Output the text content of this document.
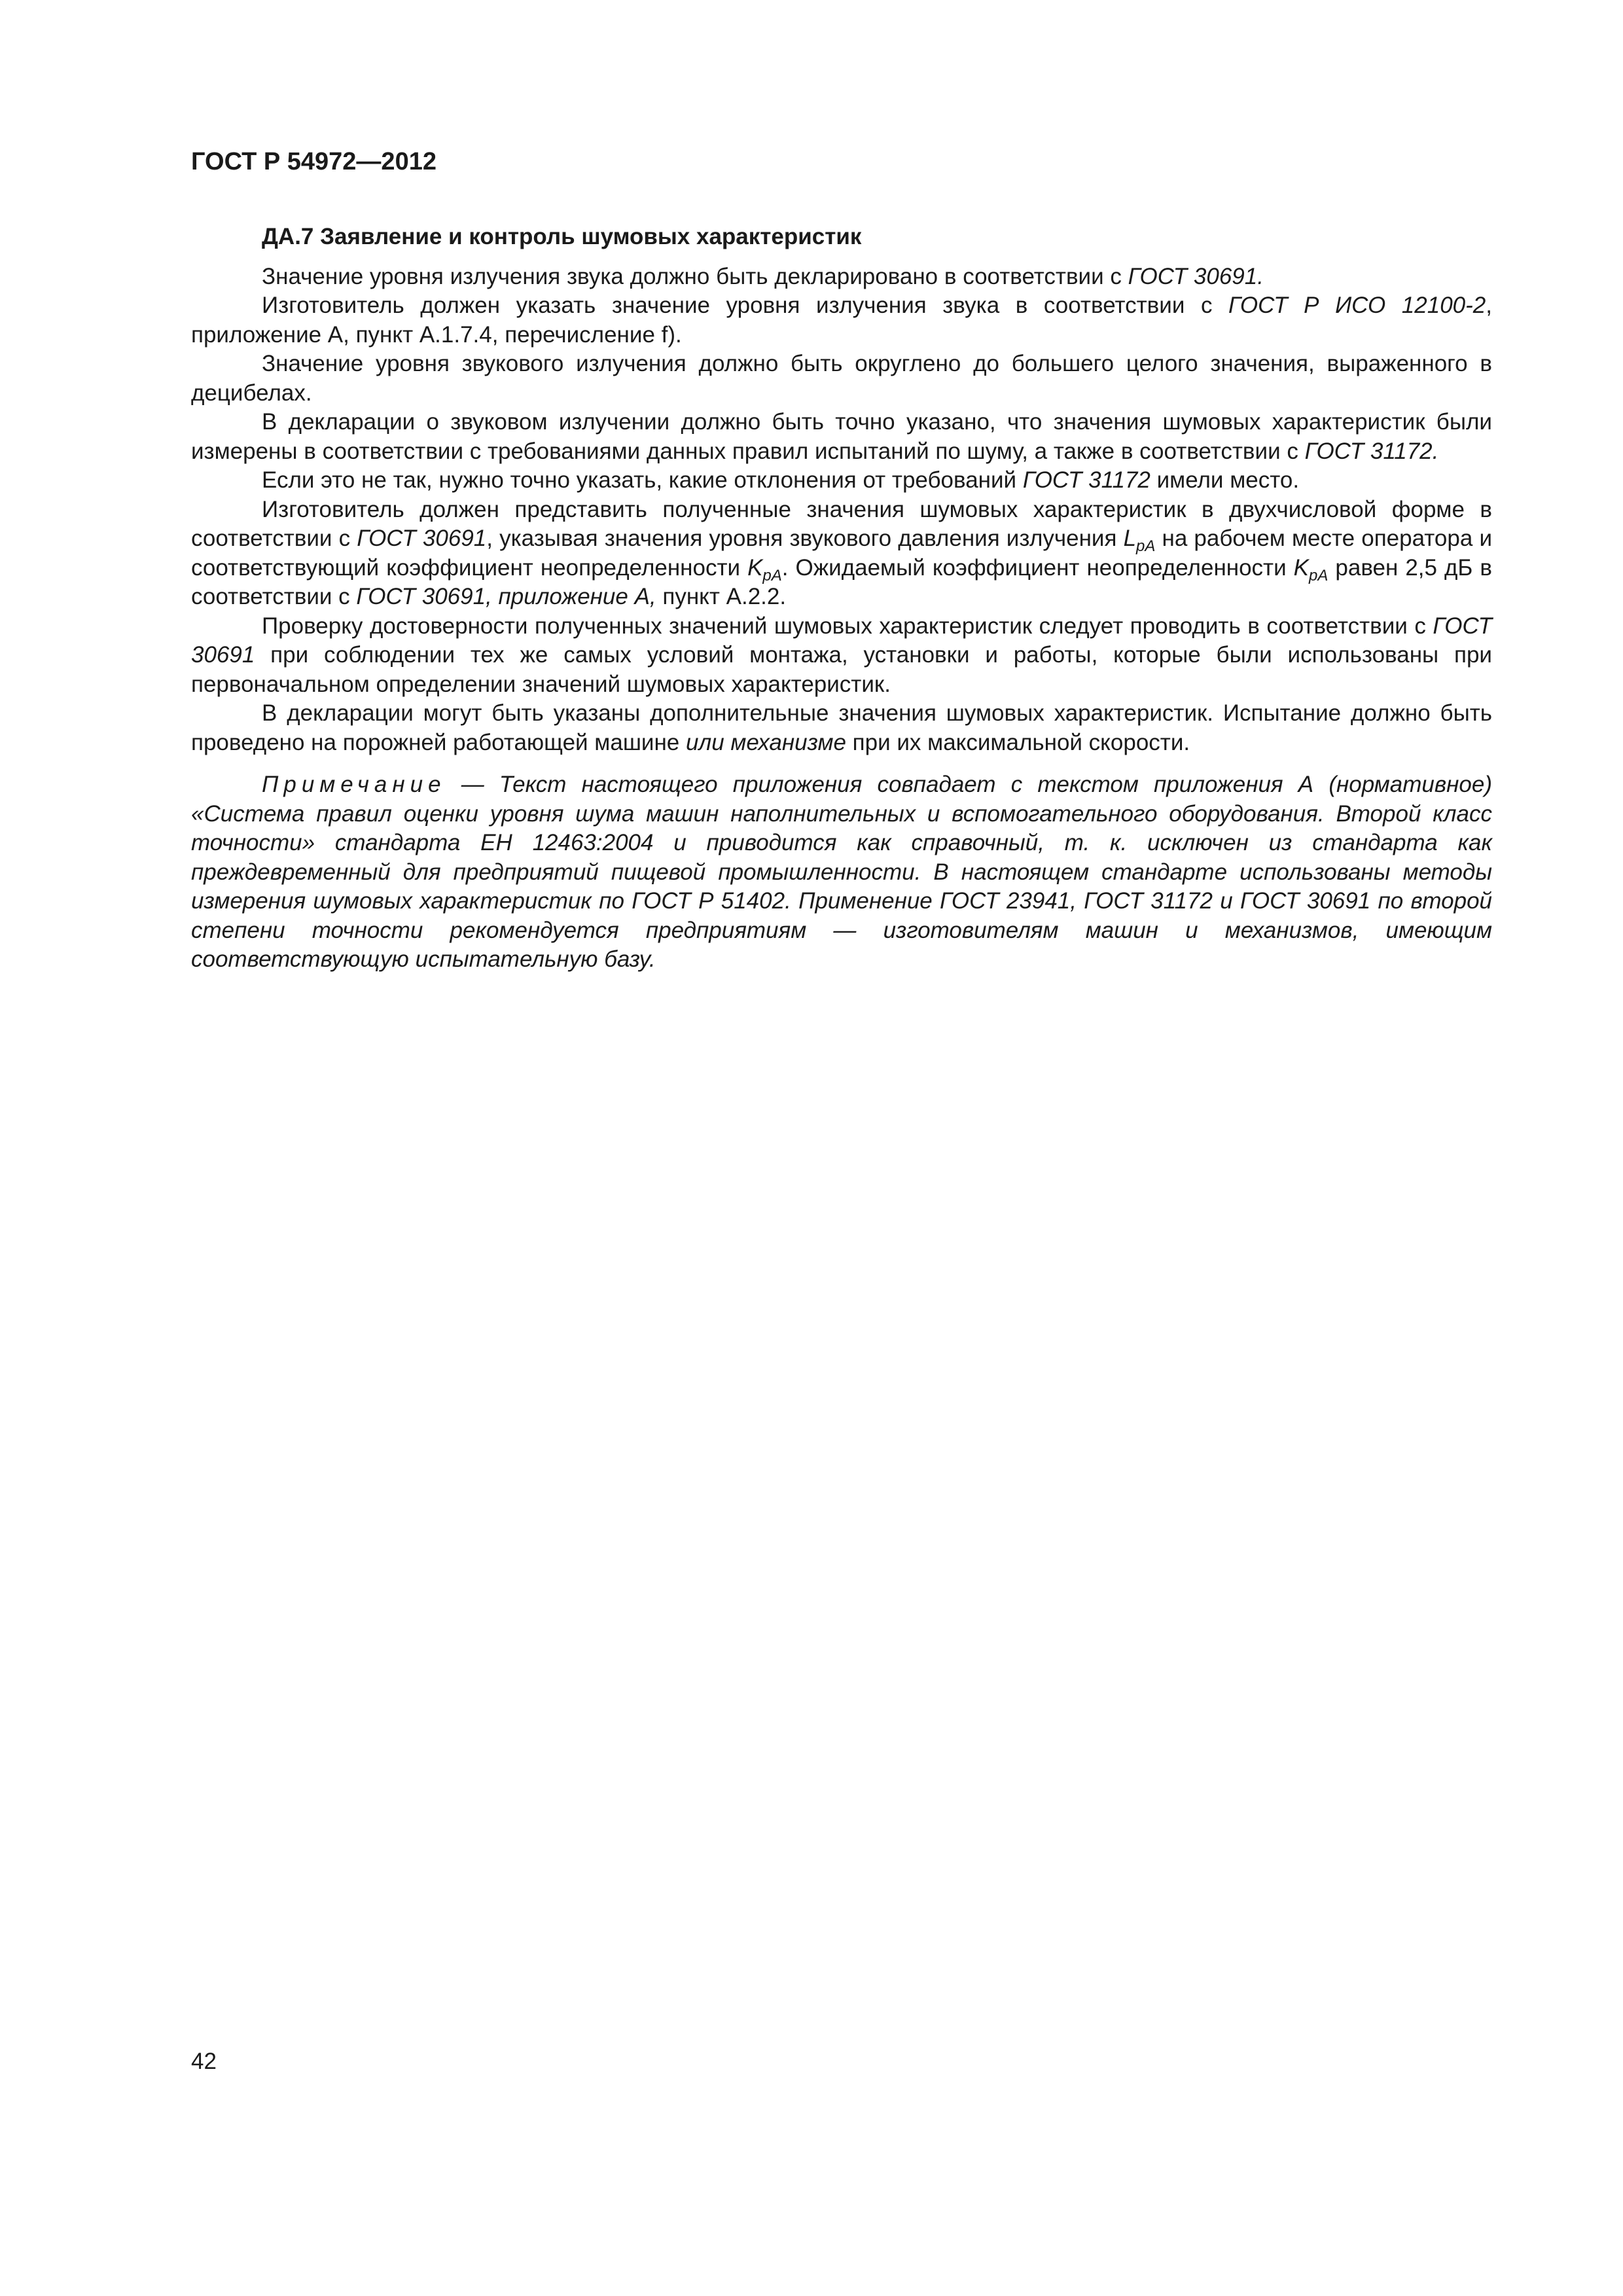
ГОСТ Р 54972—2012
ДА.7 Заявление и контроль шумовых характеристик

Значение уровня излучения звука должно быть декларировано в соответствии с ГОСТ 30691.

Изготовитель должен указать значение уровня излучения звука в соответствии с ГОСТ Р ИСО 12100-2, приложение А, пункт А.1.7.4, перечисление f).

Значение уровня звукового излучения должно быть округлено до большего целого значения, выраженного в децибелах.

В декларации о звуковом излучении должно быть точно указано, что значения шумовых характеристик были измерены в соответствии с требованиями данных правил испытаний по шуму, а также в соответствии с ГОСТ 31172.

Если это не так, нужно точно указать, какие отклонения от требований ГОСТ 31172 имели место.

Изготовитель должен представить полученные значения шумовых характеристик в двухчисловой форме в соответствии с ГОСТ 30691, указывая значения уровня звукового давления излучения $L_{pA}$ на рабочем месте оператора и соответствующий коэффициент неопределенности $K_{pA}$. Ожидаемый коэффициент неопределенности $K_{pA}$ равен 2,5 дБ в соответствии с ГОСТ 30691, приложение А, пункт А.2.2.

Проверку достоверности полученных значений шумовых характеристик следует проводить в соответствии с ГОСТ 30691 при соблюдении тех же самых условий монтажа, установки и работы, которые были использованы при первоначальном определении значений шумовых характеристик.

В декларации могут быть указаны дополнительные значения шумовых характеристик. Испытание должно быть проведено на порожней работающей машине или механизме при их максимальной скорости.

Примечание — Текст настоящего приложения совпадает с текстом приложения А (нормативное) «Система правил оценки уровня шума машин наполнительных и вспомогательного оборудования. Второй класс точности» стандарта ЕН 12463:2004 и приводится как справочный, т. к. исключен из стандарта как преждевременный для предприятий пищевой промышленности. В настоящем стандарте использованы методы измерения шумовых характеристик по ГОСТ Р 51402. Применение ГОСТ 23941, ГОСТ 31172 и ГОСТ 30691 по второй степени точности рекомендуется предприятиям — изготовителям машин и механизмов, имеющим соответствующую испытательную базу.

42
